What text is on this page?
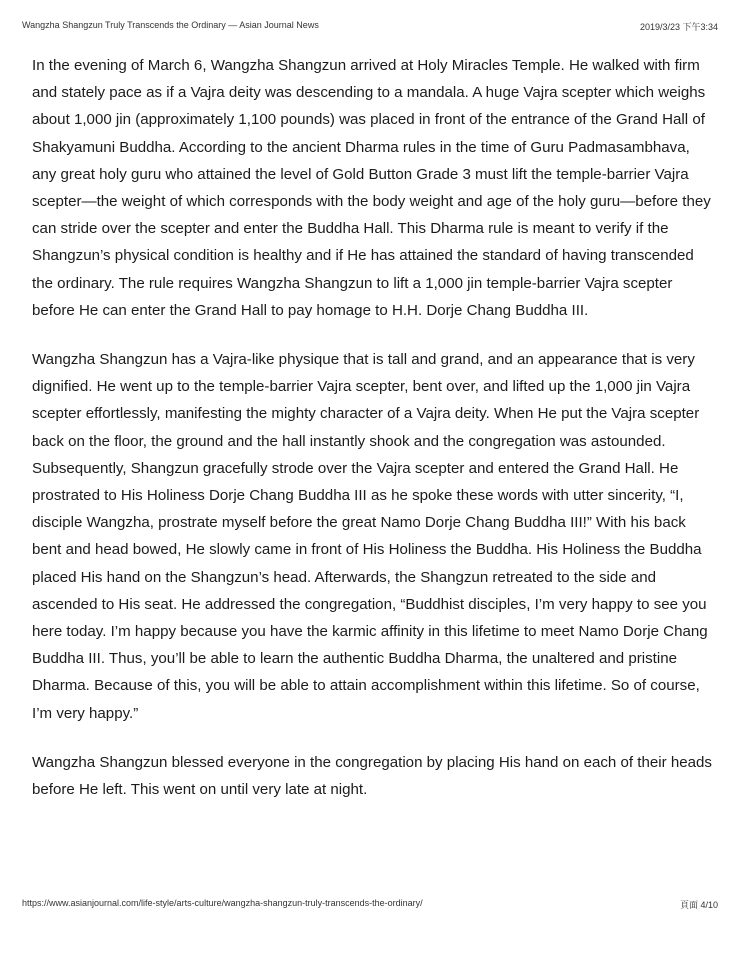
Wangzha Shangzun Truly Transcends the Ordinary — Asian Journal News	2019/3/23 下午3:34

In the evening of March 6, Wangzha Shangzun arrived at Holy Miracles Temple. He walked with firm and stately pace as if a Vajra deity was descending to a mandala. A huge Vajra scepter which weighs about 1,000 jin (approximately 1,100 pounds) was placed in front of the entrance of the Grand Hall of Shakyamuni Buddha. According to the ancient Dharma rules in the time of Guru Padmasambhava, any great holy guru who attained the level of Gold Button Grade 3 must lift the temple-barrier Vajra scepter—the weight of which corresponds with the body weight and age of the holy guru—before they can stride over the scepter and enter the Buddha Hall. This Dharma rule is meant to verify if the Shangzun’s physical condition is healthy and if He has attained the standard of having transcended the ordinary. The rule requires Wangzha Shangzun to lift a 1,000 jin temple-barrier Vajra scepter before He can enter the Grand Hall to pay homage to H.H. Dorje Chang Buddha III.

Wangzha Shangzun has a Vajra-like physique that is tall and grand, and an appearance that is very dignified. He went up to the temple-barrier Vajra scepter, bent over, and lifted up the 1,000 jin Vajra scepter effortlessly, manifesting the mighty character of a Vajra deity. When He put the Vajra scepter back on the floor, the ground and the hall instantly shook and the congregation was astounded. Subsequently, Shangzun gracefully strode over the Vajra scepter and entered the Grand Hall. He prostrated to His Holiness Dorje Chang Buddha III as he spoke these words with utter sincerity, “I, disciple Wangzha, prostrate myself before the great Namo Dorje Chang Buddha III!” With his back bent and head bowed, He slowly came in front of His Holiness the Buddha. His Holiness the Buddha placed His hand on the Shangzun’s head. Afterwards, the Shangzun retreated to the side and ascended to His seat. He addressed the congregation, “Buddhist disciples, I’m very happy to see you here today. I’m happy because you have the karmic affinity in this lifetime to meet Namo Dorje Chang Buddha III. Thus, you’ll be able to learn the authentic Buddha Dharma, the unaltered and pristine Dharma. Because of this, you will be able to attain accomplishment within this lifetime. So of course, I’m very happy.”

Wangzha Shangzun blessed everyone in the congregation by placing His hand on each of their heads before He left. This went on until very late at night.

https://www.asianjournal.com/life-style/arts-culture/wangzha-shangzun-truly-transcends-the-ordinary/	頁面 4/10
